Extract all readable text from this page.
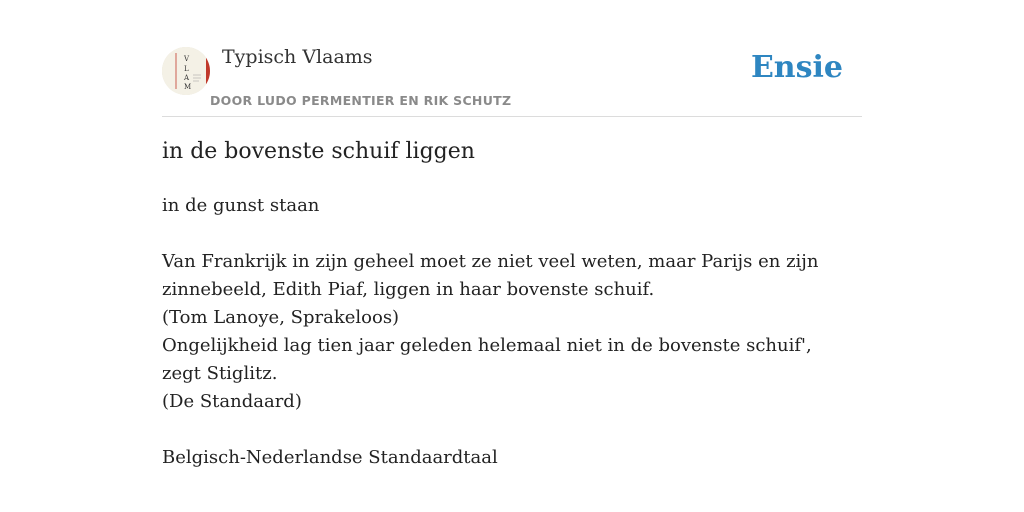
V
L
A
M
Typisch Vlaams
DOOR LUDO PERMENTIER EN RIK SCHUTZ
Ensie
in de bovenste schuif liggen
in de gunst staan
Van Frankrijk in zijn geheel moet ze niet veel weten, maar Parijs en zijn zinnebeeld, Edith Piaf, liggen in haar bovenste schuif.
(Tom Lanoye, Sprakeloos)
Ongelijkheid lag tien jaar geleden helemaal niet in de bovenste schuif', zegt Stiglitz.
(De Standaard)
Belgisch-Nederlandse Standaardtaal
